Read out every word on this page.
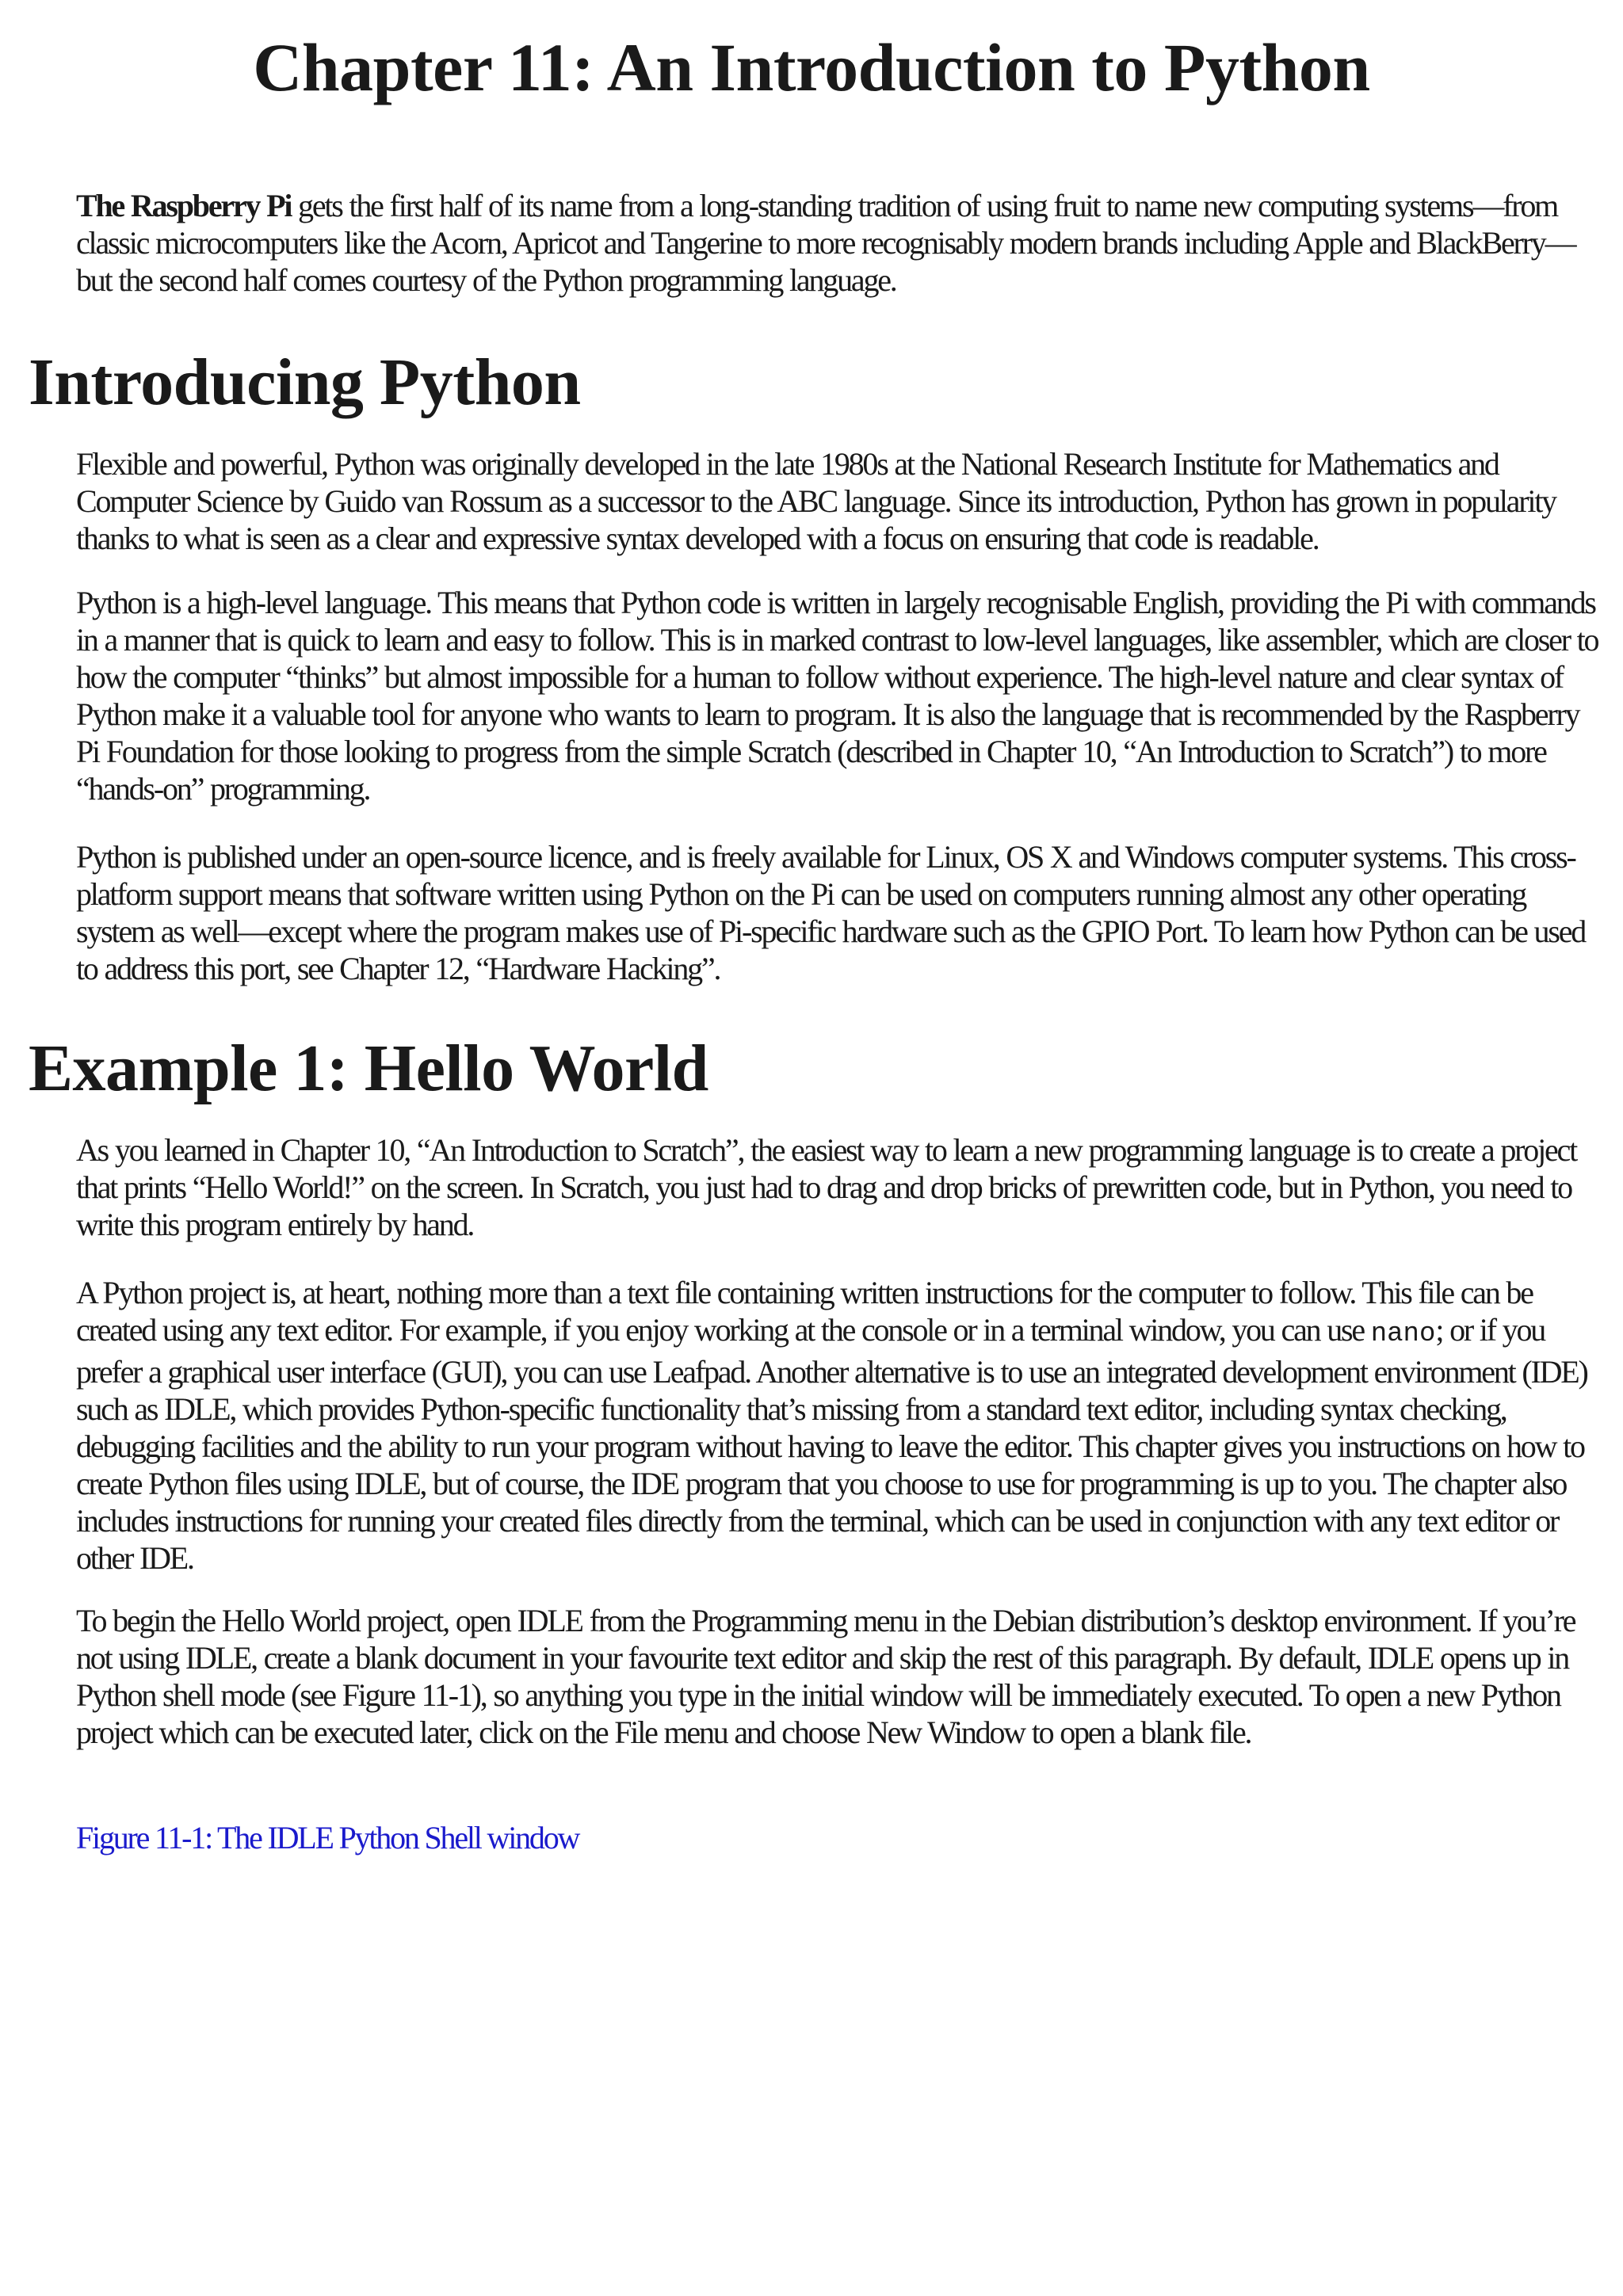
Chapter 11: An Introduction to Python

The Raspberry Pi gets the first half of its name from a long-standing tradition of using fruit to name new computing systems—from classic microcomputers like the Acorn, Apricot and Tangerine to more recognisably modern brands including Apple and BlackBerry—but the second half comes courtesy of the Python programming language.

Introducing Python

Flexible and powerful, Python was originally developed in the late 1980s at the National Research Institute for Mathematics and Computer Science by Guido van Rossum as a successor to the ABC language. Since its introduction, Python has grown in popularity thanks to what is seen as a clear and expressive syntax developed with a focus on ensuring that code is readable.

Python is a high-level language. This means that Python code is written in largely recognisable English, providing the Pi with commands in a manner that is quick to learn and easy to follow. This is in marked contrast to low-level languages, like assembler, which are closer to how the computer “thinks” but almost impossible for a human to follow without experience. The high-level nature and clear syntax of Python make it a valuable tool for anyone who wants to learn to program. It is also the language that is recommended by the Raspberry Pi Foundation for those looking to progress from the simple Scratch (described in Chapter 10, “An Introduction to Scratch”) to more “hands-on” programming.

Python is published under an open-source licence, and is freely available for Linux, OS X and Windows computer systems. This cross-platform support means that software written using Python on the Pi can be used on computers running almost any other operating system as well—except where the program makes use of Pi-specific hardware such as the GPIO Port. To learn how Python can be used to address this port, see Chapter 12, “Hardware Hacking”.

Example 1: Hello World

As you learned in Chapter 10, “An Introduction to Scratch”, the easiest way to learn a new programming language is to create a project that prints “Hello World!” on the screen. In Scratch, you just had to drag and drop bricks of prewritten code, but in Python, you need to write this program entirely by hand.

A Python project is, at heart, nothing more than a text file containing written instructions for the computer to follow. This file can be created using any text editor. For example, if you enjoy working at the console or in a terminal window, you can use nano; or if you prefer a graphical user interface (GUI), you can use Leafpad. Another alternative is to use an integrated development environment (IDE) such as IDLE, which provides Python-specific functionality that’s missing from a standard text editor, including syntax checking, debugging facilities and the ability to run your program without having to leave the editor. This chapter gives you instructions on how to create Python files using IDLE, but of course, the IDE program that you choose to use for programming is up to you. The chapter also includes instructions for running your created files directly from the terminal, which can be used in conjunction with any text editor or other IDE.

To begin the Hello World project, open IDLE from the Programming menu in the Debian distribution’s desktop environment. If you’re not using IDLE, create a blank document in your favourite text editor and skip the rest of this paragraph. By default, IDLE opens up in Python shell mode (see Figure 11-1), so anything you type in the initial window will be immediately executed. To open a new Python project which can be executed later, click on the File menu and choose New Window to open a blank file.

Figure 11-1: The IDLE Python Shell window
